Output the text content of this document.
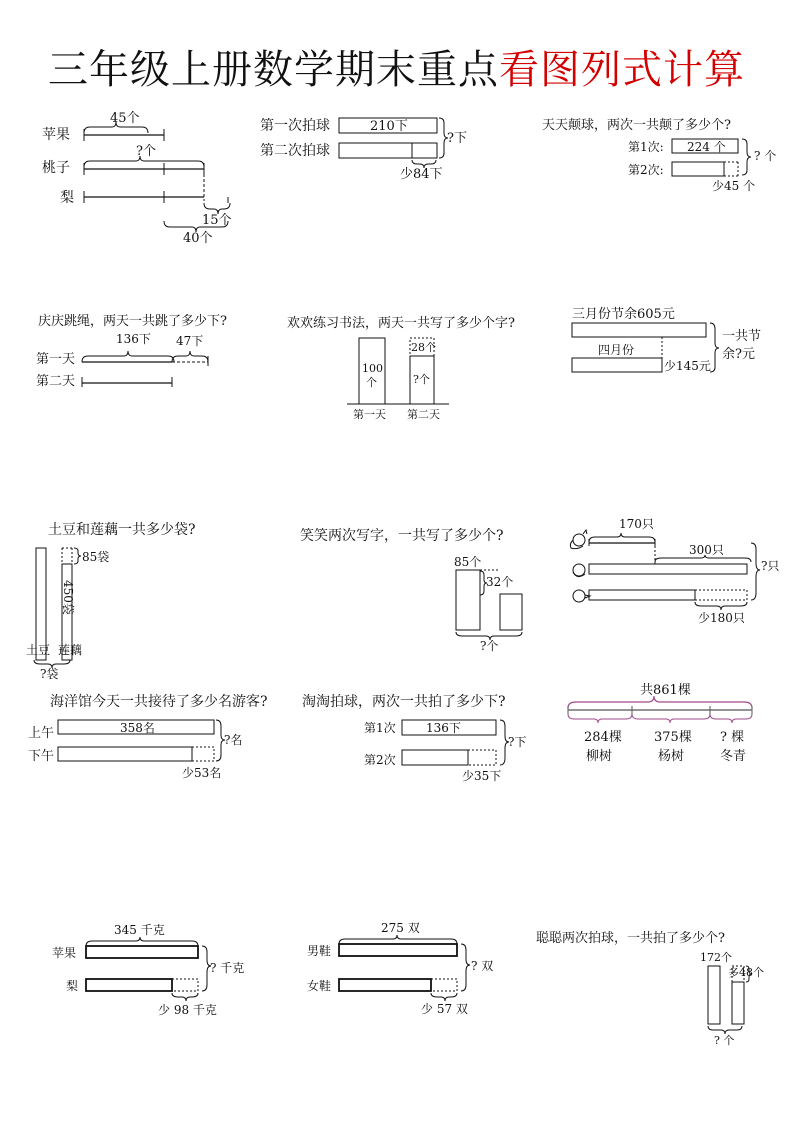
三年级上册数学期末重点看图列式计算
45个
苹果
?个
桃子
梨
15个
40个
第一次拍球	210下
第二次拍球
?下
少84下
天天颠球，两次一共颠了多少个?
第1次: 224 个
第2次:
? 个
少45 个
庆庆跳绳，两天一共跳了多少下?
136下 47下
第一天
第二天
欢欢练习书法，两天一共写了多少个字?
100
个
28个
?个
第一天 第二天
三月份节余605元
四月份
少145元
一共节
余?元
土豆和莲藕一共多少袋?
85袋
450袋
土豆 莲藕
?袋
笑笑两次写字，一共写了多少个?
85个
32个
?个
170只
300只
少180只
?只
海洋馆今天一共接待了多少名游客?
上午	358名
下午
?名
少53名
淘淘拍球，两次一共拍了多少下?
第1次	136下
第2次
?下
少35下
共861棵
284棵 375棵 ? 棵
柳树	杨树	冬青
345 千克
苹果
梨
少 98 千克
? 千克
275 双
男鞋
女鞋
少 57 双
? 双
聪聪两次拍球，一共拍了多少个?
172个
多48个
? 个
